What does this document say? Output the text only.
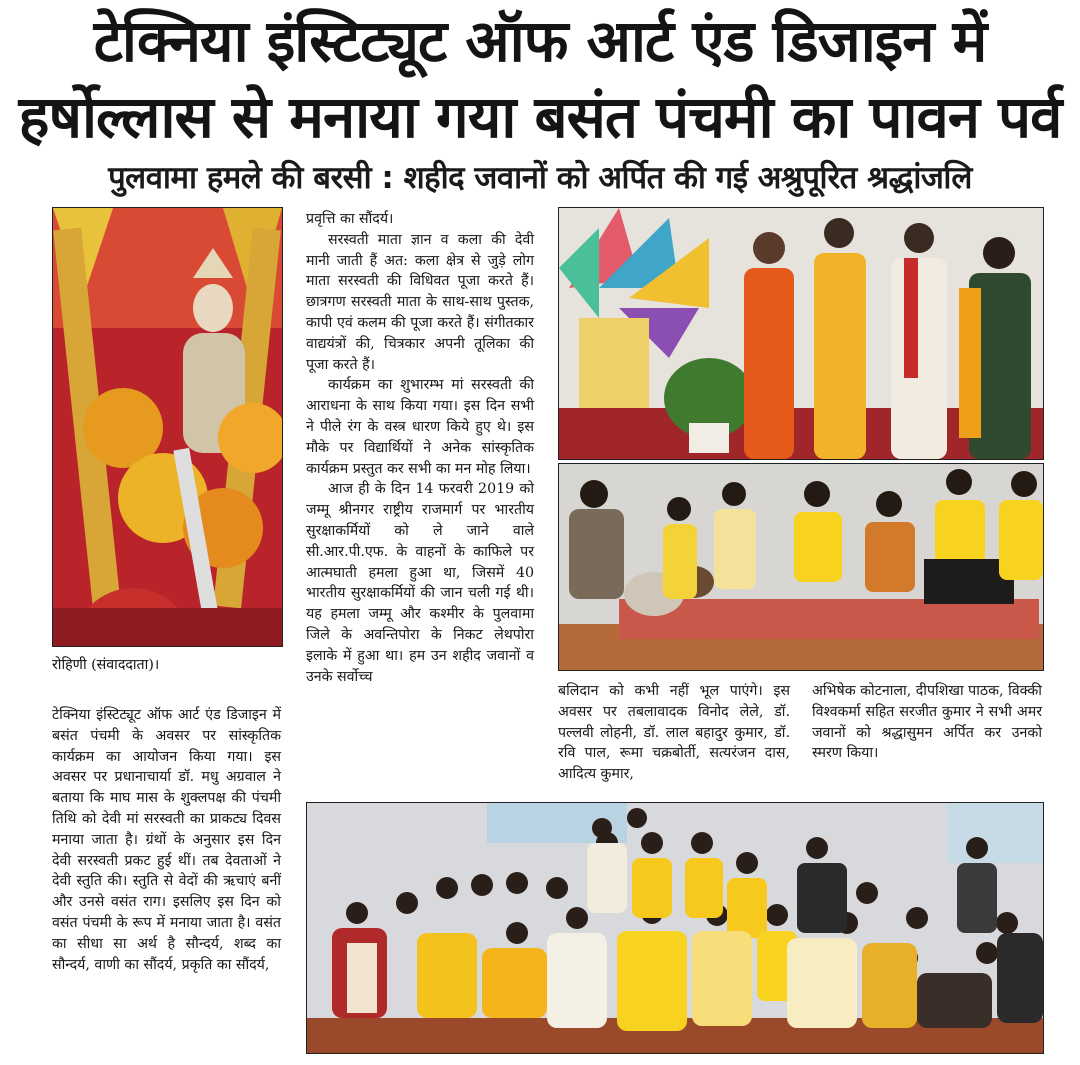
टेक्निया इंस्टिट्यूट ऑफ आर्ट एंड डिजाइन में
हर्षोल्लास से मनाया गया बसंत पंचमी का पावन पर्व
पुलवामा हमले की बरसी : शहीद जवानों को अर्पित की गई अश्रुपूरित श्रद्धांजलि
रोहिणी (संवाददाता)।

टेक्निया इंस्टिट्यूट ऑफ आर्ट एंड डिजाइन में बसंत पंचमी के अवसर पर सांस्कृतिक कार्यक्रम का आयोजन किया गया। इस अवसर पर प्रधानाचार्या डॉ. मधु अग्रवाल ने बताया कि माघ मास के शुक्लपक्ष की पंचमी तिथि को देवी मां सरस्वती का प्राकट्य दिवस मनाया जाता है। ग्रंथों के अनुसार इस दिन देवी सरस्वती प्रकट हुई थीं। तब देवताओं ने देवी स्तुति की। स्तुति से वेदों की ऋचाएं बनीं और उनसे वसंत राग। इसलिए इस दिन को वसंत पंचमी के रूप में मनाया जाता है। वसंत का सीधा सा अर्थ है सौन्दर्य, शब्द का सौन्दर्य, वाणी का सौंदर्य, प्रकृति का सौंदर्य,

प्रवृत्ति का सौंदर्य।

सरस्वती माता ज्ञान व कला की देवी मानी जाती हैं अत: कला क्षेत्र से जुड़े लोग माता सरस्वती की विधिवत पूजा करते हैं। छात्रगण सरस्वती माता के साथ-साथ पुस्तक, कापी एवं कलम की पूजा करते हैं। संगीतकार वाद्ययंत्रों की, चित्रकार अपनी तूलिका की पूजा करते हैं।

कार्यक्रम का शुभारम्भ मां सरस्वती की आराधना के साथ किया गया। इस दिन सभी ने पीले रंग के वस्त्र धारण किये हुए थे। इस मौके पर विद्यार्थियों ने अनेक सांस्कृतिक कार्यक्रम प्रस्तुत कर सभी का मन मोह लिया।

आज ही के दिन 14 फरवरी 2019 को जम्मू श्रीनगर राष्ट्रीय राजमार्ग पर भारतीय सुरक्षाकर्मियों को ले जाने वाले सी.आर.पी.एफ. के वाहनों के काफिले पर आत्मघाती हमला हुआ था, जिसमें 40 भारतीय सुरक्षाकर्मियों की जान चली गई थी। यह हमला जम्मू और कश्मीर के पुलवामा जिले के अवन्तिपोरा के निकट लेथपोरा इलाके में हुआ था। हम उन शहीद जवानों व उनके सर्वोच्च

बलिदान को कभी नहीं भूल पाएंगे। इस अवसर पर तबलावादक विनोद लेले, डॉ. पल्लवी लोहनी, डॉ. लाल बहादुर कुमार, डॉ. रवि पाल, रूमा चक्रबोर्ती, सत्यरंजन दास, आदित्य कुमार,

अभिषेक कोटनाला, दीपशिखा पाठक, विक्की विश्वकर्मा सहित सरजीत कुमार ने सभी अमर जवानों को श्रद्धासुमन अर्पित कर उनको स्मरण किया।
